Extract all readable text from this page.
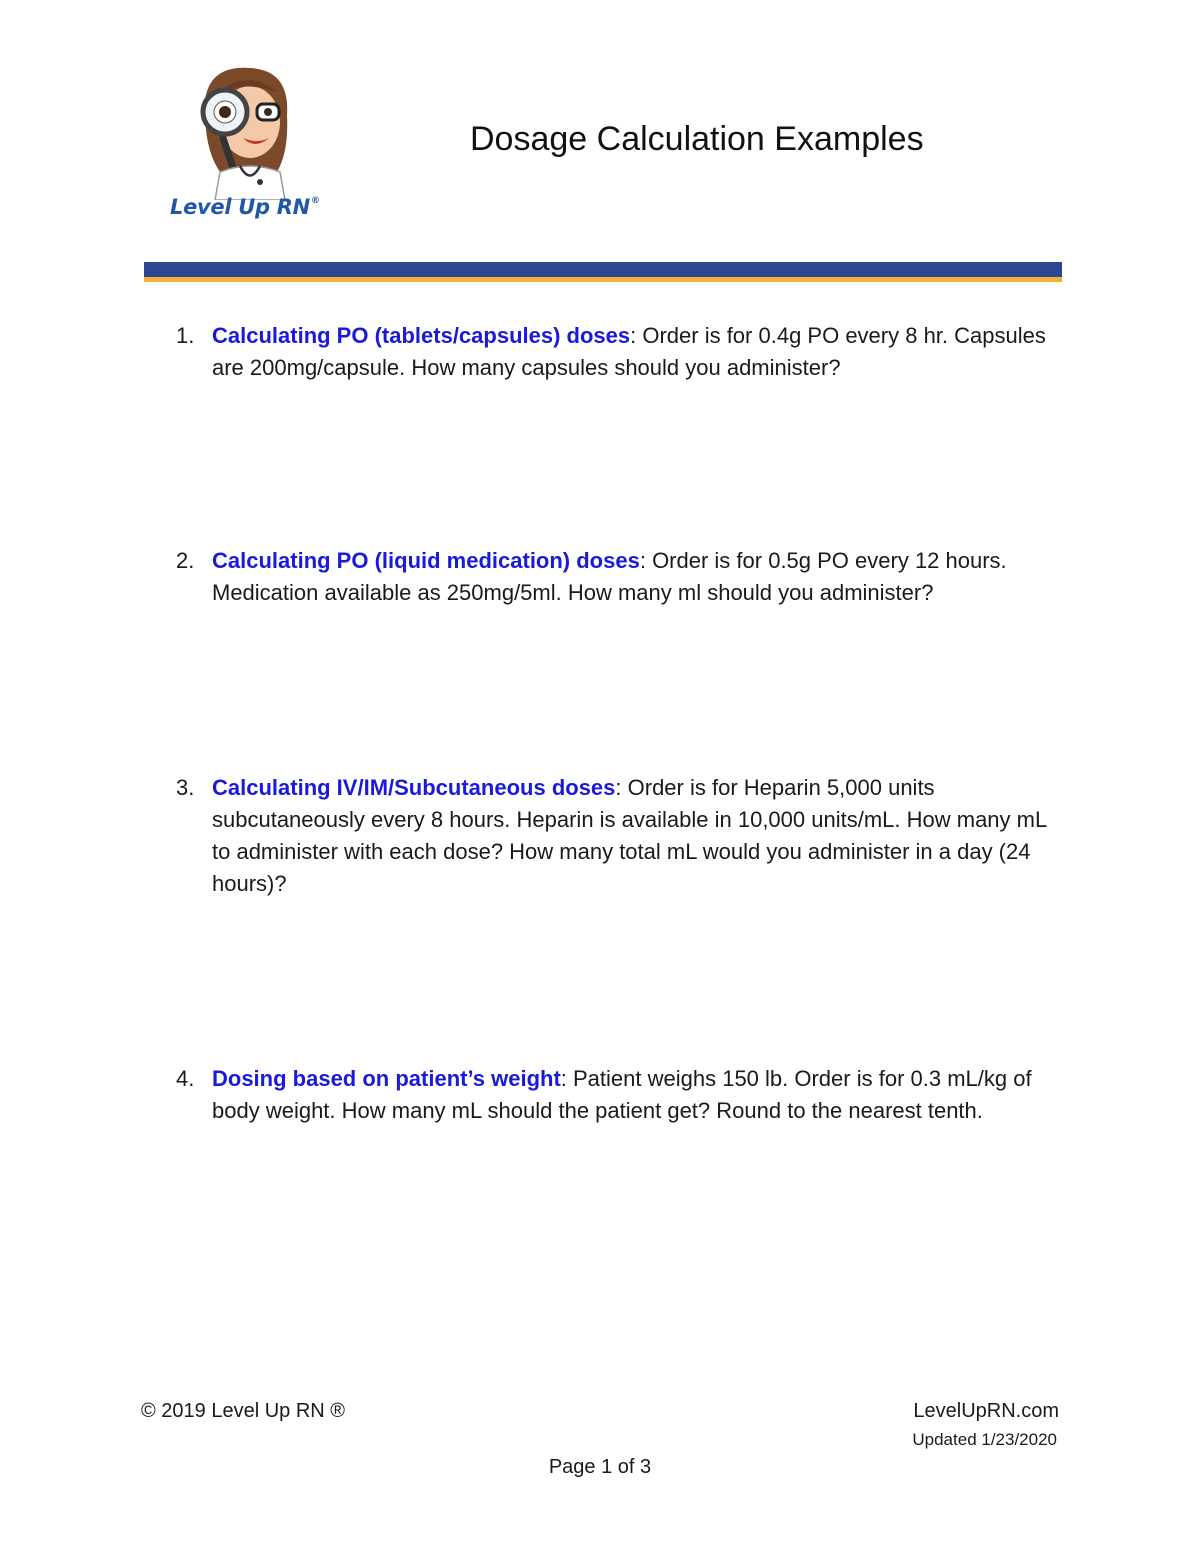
Level Up RN®
Dosage Calculation Examples
1. Calculating PO (tablets/capsules) doses: Order is for 0.4g PO every 8 hr. Capsules are 200mg/capsule. How many capsules should you administer?
2. Calculating PO (liquid medication) doses: Order is for 0.5g PO every 12 hours. Medication available as 250mg/5ml. How many ml should you administer?
3. Calculating IV/IM/Subcutaneous doses: Order is for Heparin 5,000 units subcutaneously every 8 hours. Heparin is available in 10,000 units/mL. How many mL to administer with each dose? How many total mL would you administer in a day (24 hours)?
4. Dosing based on patient’s weight: Patient weighs 150 lb. Order is for 0.3 mL/kg of body weight. How many mL should the patient get? Round to the nearest tenth.
© 2019 Level Up RN ®	LevelUpRN.com
Updated 1/23/2020
Page 1 of 3
